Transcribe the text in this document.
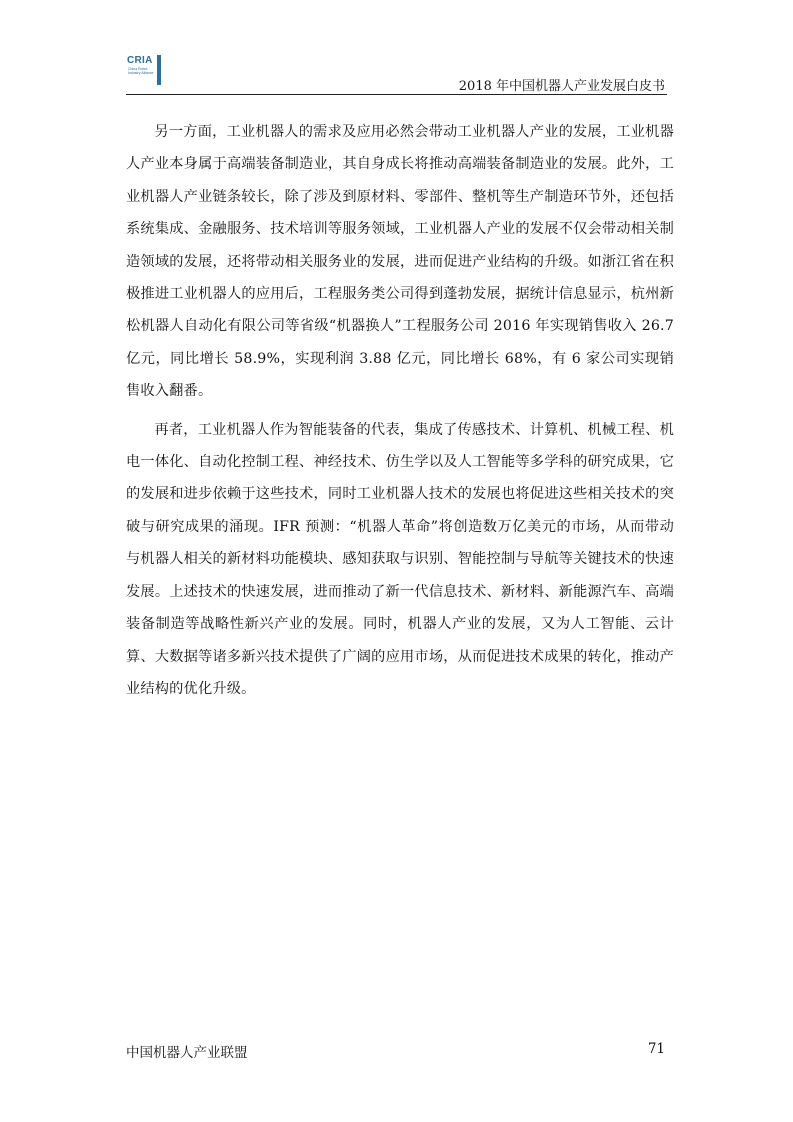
CRIA
China Robot Industry Alliance
2018 年中国机器人产业发展白皮书

另一方面，工业机器人的需求及应用必然会带动工业机器人产业的发展，工业机器人产业本身属于高端装备制造业，其自身成长将推动高端装备制造业的发展。此外，工业机器人产业链条较长，除了涉及到原材料、零部件、整机等生产制造环节外，还包括系统集成、金融服务、技术培训等服务领域，工业机器人产业的发展不仅会带动相关制造领域的发展，还将带动相关服务业的发展，进而促进产业结构的升级。如浙江省在积极推进工业机器人的应用后，工程服务类公司得到蓬勃发展，据统计信息显示，杭州新松机器人自动化有限公司等省级“机器换人”工程服务公司 2016 年实现销售收入 26.7 亿元，同比增长 58.9%，实现利润 3.88 亿元，同比增长 68%，有 6 家公司实现销售收入翻番。

再者，工业机器人作为智能装备的代表，集成了传感技术、计算机、机械工程、机电一体化、自动化控制工程、神经技术、仿生学以及人工智能等多学科的研究成果，它的发展和进步依赖于这些技术，同时工业机器人技术的发展也将促进这些相关技术的突破与研究成果的涌现。IFR 预测：“机器人革命”将创造数万亿美元的市场，从而带动与机器人相关的新材料功能模块、感知获取与识别、智能控制与导航等关键技术的快速发展。上述技术的快速发展，进而推动了新一代信息技术、新材料、新能源汽车、高端装备制造等战略性新兴产业的发展。同时，机器人产业的发展，又为人工智能、云计算、大数据等诸多新兴技术提供了广阔的应用市场，从而促进技术成果的转化，推动产业结构的优化升级。

中国机器人产业联盟	71
